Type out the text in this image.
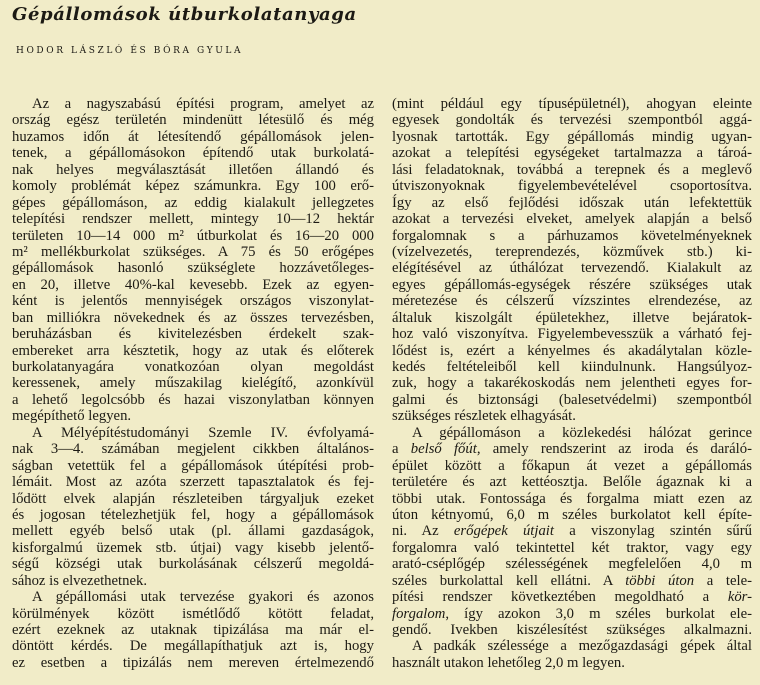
Gépállomások útburkolatanyaga
HODOR LÁSZLÓ ÉS BÓRA GYULA
Az a nagyszabású építési program, amelyet az
ország egész területén mindenütt létesülő és még
huzamos időn át létesítendő gépállomások jelen-
tenek, a gépállomásokon építendő utak burkolatá-
nak helyes megválasztását illetően állandó és
komoly problémát képez számunkra. Egy 100 erő-
gépes gépállomáson, az eddig kialakult jellegzetes
telepítési rendszer mellett, mintegy 10—12 hektár
területen 10—14 000 m² útburkolat és 16—20 000
m² mellékburkolat szükséges. A 75 és 50 erőgépes
gépállomások hasonló szükséglete hozzávetőleges-
en 20, illetve 40%-kal kevesebb. Ezek az egyen-
ként is jelentős mennyiségek országos viszonylat-
ban milliókra növekednek és az összes tervezésben,
beruházásban és kivitelezésben érdekelt szak-
embereket arra késztetik, hogy az utak és előterek
burkolatanyagára vonatkozóan olyan megoldást
keressenek, amely műszakilag kielégítő, azonkívül
a lehető legolcsóbb és hazai viszonylatban könnyen
megépíthető legyen.
A Mélyépítéstudományi Szemle IV. évfolyamá-
nak 3—4. számában megjelent cikkben általános-
ságban vetettük fel a gépállomások útépítési prob-
lémáit. Most az azóta szerzett tapasztalatok és fej-
lődött elvek alapján részleteiben tárgyaljuk ezeket
és jogosan tételezhetjük fel, hogy a gépállomások
mellett egyéb belső utak (pl. állami gazdaságok,
kisforgalmú üzemek stb. útjai) vagy kisebb jelentő-
ségű községi utak burkolásának célszerű megoldá-
sához is elvezethetnek.
A gépállomási utak tervezése gyakori és azonos
körülmények között ismétlődő kötött feladat,
ezért ezeknek az utaknak tipizálása ma már el-
döntött kérdés. De megállapíthatjuk azt is, hogy
ez esetben a tipizálás nem mereven értelmezendő
(mint például egy típusépületnél), ahogyan eleinte
egyesek gondolták és tervezési szempontból aggá-
lyosnak tartották. Egy gépállomás mindig ugyan-
azokat a telepítési egységeket tartalmazza a tároá-
lási feladatoknak, továbbá a terepnek és a meglevő
útviszonyoknak figyelembevételével csoportosítva.
Így az első fejlődési időszak után lefektettük
azokat a tervezési elveket, amelyek alapján a belső
forgalomnak s a párhuzamos követelményeknek
(vízelvezetés, tereprendezés, közművek stb.) ki-
elégítésével az úthálózat tervezendő. Kialakult az
egyes gépállomás-egységek részére szükséges utak
méretezése és célszerű vízszintes elrendezése, az
általuk kiszolgált épületekhez, illetve bejáratok-
hoz való viszonyítva. Figyelembevesszük a várható fej-
lődést is, ezért a kényelmes és akadálytalan közle-
kedés feltételeiből kell kiindulnunk. Hangsúlyoz-
zuk, hogy a takarékoskodás nem jelentheti egyes for-
galmi és biztonsági (balesetvédelmi) szempontból
szükséges részletek elhagyását.
A gépállomáson a közlekedési hálózat gerince
a belső főút, amely rendszerint az iroda és daráló-
épület között a főkapun át vezet a gépállomás
területére és azt kettéosztja. Belőle ágaznak ki a
többi utak. Fontossága és forgalma miatt ezen az
úton kétnyomú, 6,0 m széles burkolatot kell építe-
ni. Az erőgépek útjait a viszonylag szintén sűrű
forgalomra való tekintettel két traktor, vagy egy
arató-cséplőgép szélességének megfelelően 4,0 m
széles burkolattal kell ellátni. A többi úton a tele-
pítési rendszer következtében megoldható a kör-
forgalom, így azokon 3,0 m széles burkolat ele-
gendő. Ivekben kiszélesítést szükséges alkalmazni.
A padkák szélessége a mezőgazdasági gépek által
használt utakon lehetőleg 2,0 m legyen.
